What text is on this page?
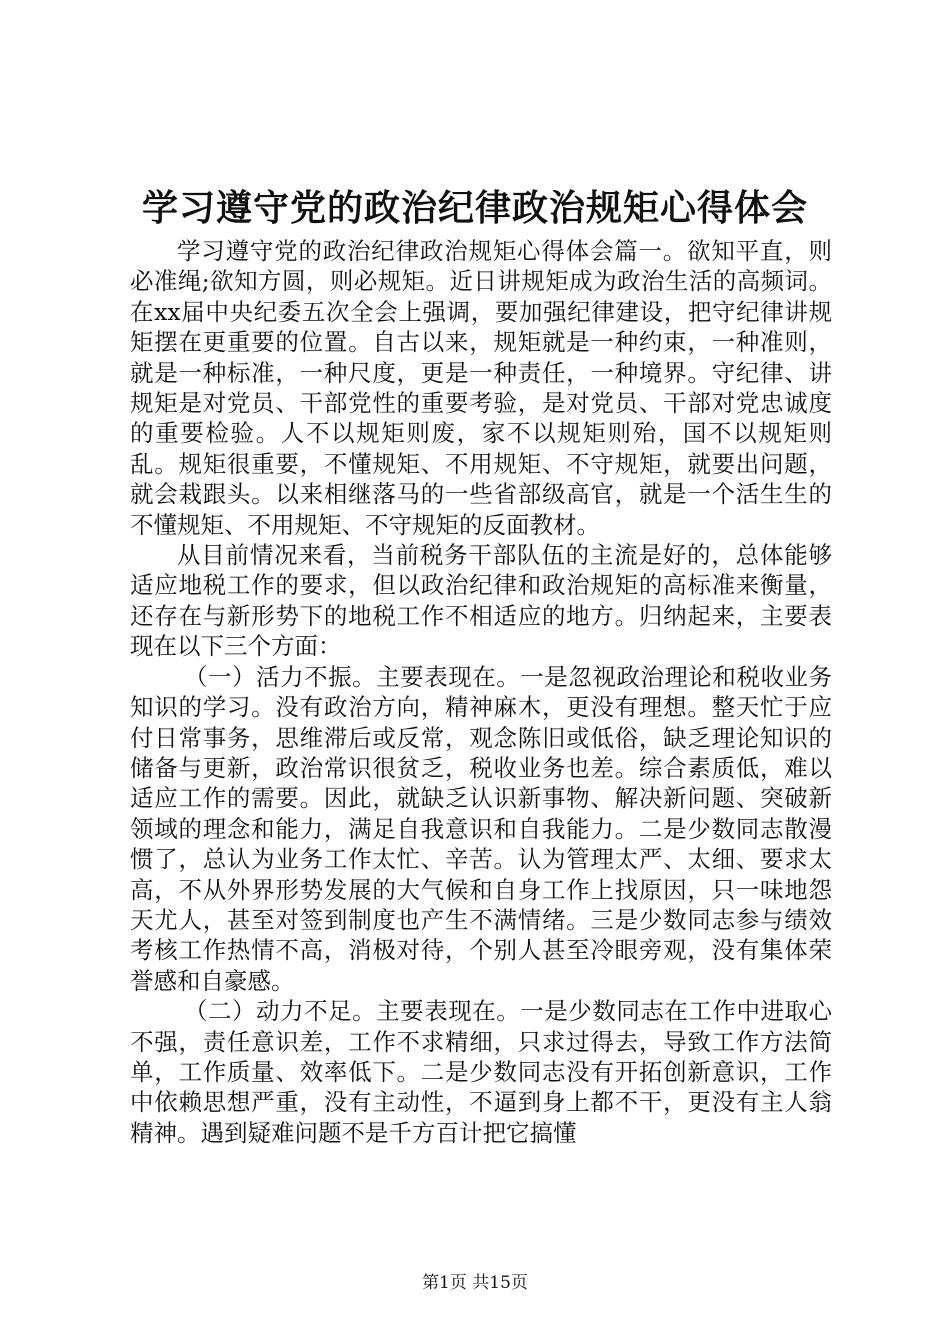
学习遵守党的政治纪律政治规矩心得体会

学习遵守党的政治纪律政治规矩心得体会篇一。欲知平直，则必准绳;欲知方圆，则必规矩。近日讲规矩成为政治生活的高频词。在xx届中央纪委五次全会上强调，要加强纪律建设，把守纪律讲规矩摆在更重要的位置。自古以来，规矩就是一种约束，一种准则，就是一种标准，一种尺度，更是一种责任，一种境界。守纪律、讲规矩是对党员、干部党性的重要考验，是对党员、干部对党忠诚度的重要检验。人不以规矩则废，家不以规矩则殆，国不以规矩则乱。规矩很重要，不懂规矩、不用规矩、不守规矩，就要出问题，就会栽跟头。以来相继落马的一些省部级高官，就是一个活生生的不懂规矩、不用规矩、不守规矩的反面教材。

从目前情况来看，当前税务干部队伍的主流是好的，总体能够适应地税工作的要求，但以政治纪律和政治规矩的高标准来衡量，还存在与新形势下的地税工作不相适应的地方。归纳起来，主要表现在以下三个方面：

（一）活力不振。主要表现在。一是忽视政治理论和税收业务知识的学习。没有政治方向，精神麻木，更没有理想。整天忙于应付日常事务，思维滞后或反常，观念陈旧或低俗，缺乏理论知识的储备与更新，政治常识很贫乏，税收业务也差。综合素质低，难以适应工作的需要。因此，就缺乏认识新事物、解决新问题、突破新领域的理念和能力，满足自我意识和自我能力。二是少数同志散漫惯了，总认为业务工作太忙、辛苦。认为管理太严、太细、要求太高，不从外界形势发展的大气候和自身工作上找原因，只一味地怨天尤人，甚至对签到制度也产生不满情绪。三是少数同志参与绩效考核工作热情不高，消极对待，个别人甚至冷眼旁观，没有集体荣誉感和自豪感。

（二）动力不足。主要表现在。一是少数同志在工作中进取心不强，责任意识差，工作不求精细，只求过得去，导致工作方法简单，工作质量、效率低下。二是少数同志没有开拓创新意识，工作中依赖思想严重，没有主动性，不逼到身上都不干，更没有主人翁精神。遇到疑难问题不是千方百计把它搞懂

第1页 共15页
